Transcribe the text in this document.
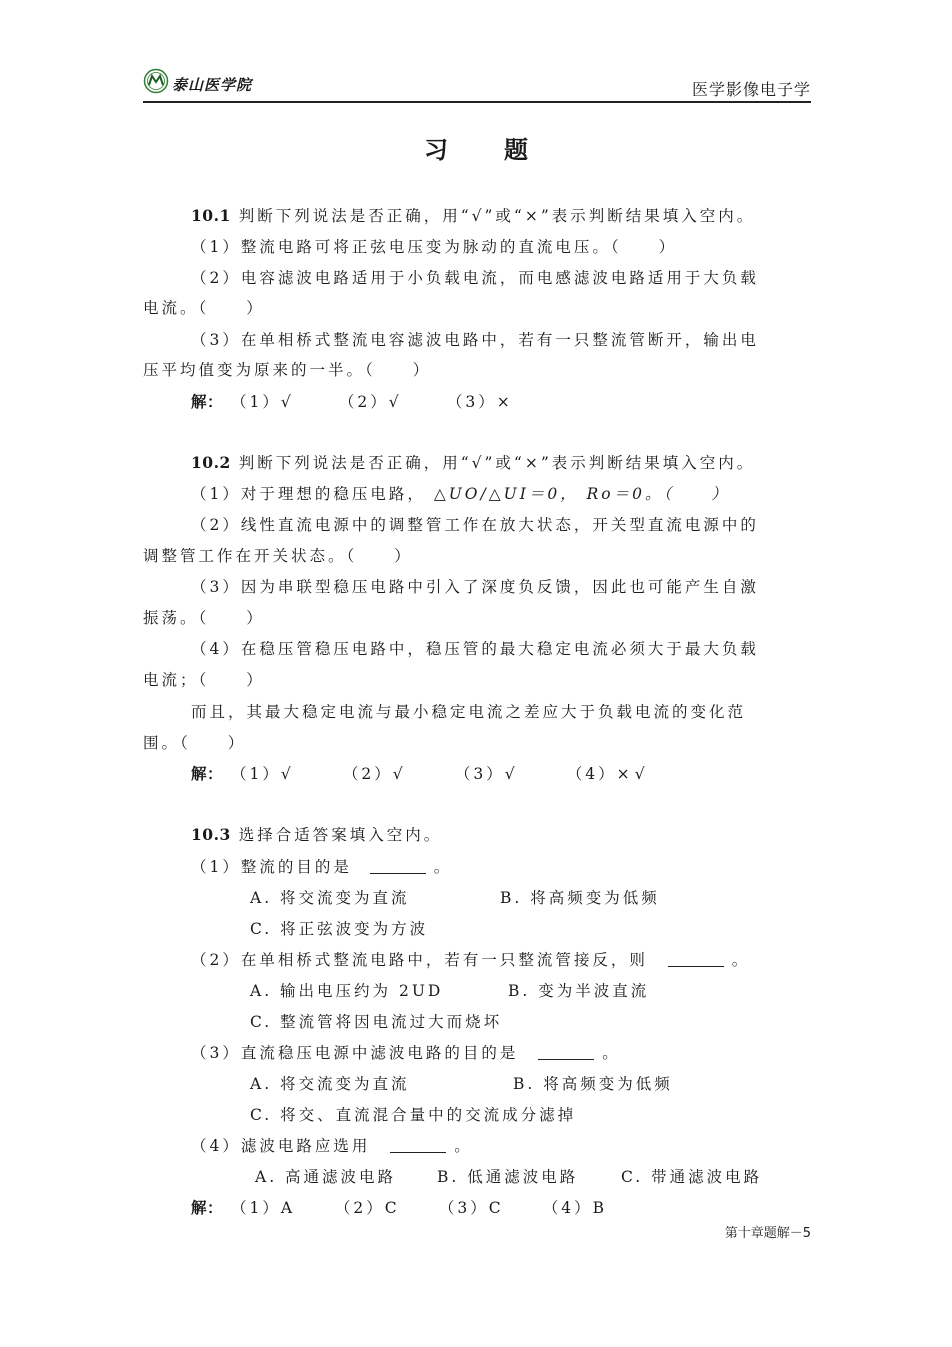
泰山医学院	医学影像电子学
习 题
10.1 判断下列说法是否正确，用“√”或“×”表示判断结果填入空内。
（1）整流电路可将正弦电压变为脉动的直流电压。（　　）
（2）电容滤波电路适用于小负载电流，而电感滤波电路适用于大负载
电流。（　　）
（3）在单相桥式整流电容滤波电路中，若有一只整流管断开，输出电
压平均值变为原来的一半。（　　）
解： （1）√	（2）√	（3）×
10.2 判断下列说法是否正确，用“√”或“×”表示判断结果填入空内。
（1）对于理想的稳压电路， △UO/△UI＝0， Ro＝0。（　　）
（2）线性直流电源中的调整管工作在放大状态，开关型直流电源中的
调整管工作在开关状态。（　　）
（3）因为串联型稳压电路中引入了深度负反馈，因此也可能产生自激
振荡。（　　）
（4）在稳压管稳压电路中，稳压管的最大稳定电流必须大于最大负载
电流；（　　）
而且，其最大稳定电流与最小稳定电流之差应大于负载电流的变化范
围。（　　）
解： （1）√	（2）√	（3）√	（4）× √
10.3 选择合适答案填入空内。
（1）整流的目的是	。
A. 将交流变为直流	B. 将高频变为低频
C. 将正弦波变为方波
（2）在单相桥式整流电路中，若有一只整流管接反，则	。
A. 输出电压约为 2UD	B. 变为半波直流
C. 整流管将因电流过大而烧坏
（3）直流稳压电源中滤波电路的目的是	。
A. 将交流变为直流	B. 将高频变为低频
C. 将交、直流混合量中的交流成分滤掉
（4）滤波电路应选用	。
A. 高通滤波电路	B. 低通滤波电路	C. 带通滤波电路
解： （1）A	（2）C	（3）C	（4）B
第十章题解－5
